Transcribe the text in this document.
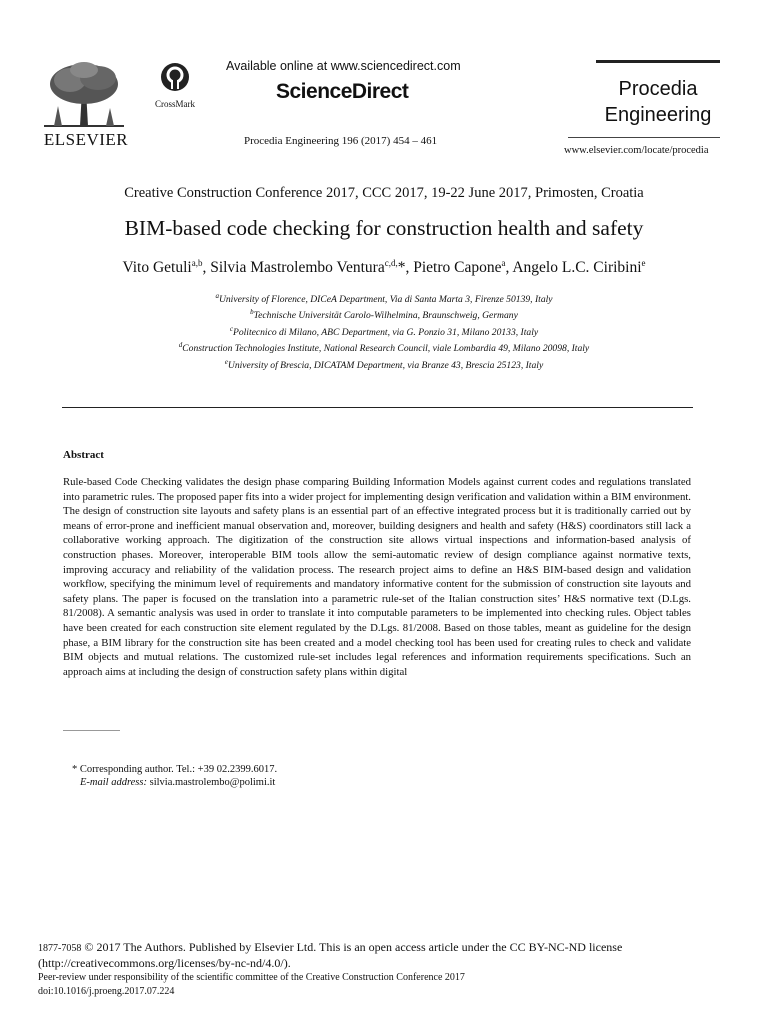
ELSEVIER
CrossMark
Available online at www.sciencedirect.com
ScienceDirect
Procedia Engineering 196 (2017) 454 – 461
Procedia
Engineering
www.elsevier.com/locate/procedia
Creative Construction Conference 2017, CCC 2017, 19-22 June 2017, Primosten, Croatia
BIM-based code checking for construction health and safety
Vito Getuli$^{a,b}$, Silvia Mastrolembo Ventura$^{c,d,}$*, Pietro Capone$^a$, Angelo L.C. Ciribini$^e$
$^a$University of Florence, DICeA Department, Via di Santa Marta 3, Firenze 50139, Italy
$^b$Technische Universität Carolo-Wilhelmina, Braunschweig, Germany
$^c$Politecnico di Milano, ABC Department, via G. Ponzio 31, Milano 20133, Italy
$^d$Construction Technologies Institute, National Research Council, viale Lombardia 49, Milano 20098, Italy
$^e$University of Brescia, DICATAM Department, via Branze 43, Brescia 25123, Italy
Abstract
Rule-based Code Checking validates the design phase comparing Building Information Models against current codes and regulations translated into parametric rules. The proposed paper fits into a wider project for implementing design verification and validation within a BIM environment. The design of construction site layouts and safety plans is an essential part of an effective integrated process but it is traditionally carried out by means of error-prone and inefficient manual observation and, moreover, building designers and health and safety (H&S) coordinators still lack a collaborative working approach. The digitization of the construction site allows virtual inspections and information-based analysis of construction phases. Moreover, interoperable BIM tools allow the semi-automatic review of design compliance against normative texts, improving accuracy and reliability of the validation process. The research project aims to define an H&S BIM-based design and validation workflow, specifying the minimum level of requirements and mandatory informative content for the submission of construction site layouts and safety plans. The paper is focused on the translation into a parametric rule-set of the Italian construction sites’ H&S normative text (D.Lgs. 81/2008). A semantic analysis was used in order to translate it into computable parameters to be implemented into checking rules. Object tables have been created for each construction site element regulated by the D.Lgs. 81/2008. Based on those tables, meant as guideline for the design phase, a BIM library for the construction site has been created and a model checking tool has been used for creating rules to check and validate BIM objects and mutual relations. The customized rule-set includes legal references and information requirements specifications. Such an approach aims at including the design of construction safety plans within digital
* Corresponding author. Tel.: +39 02.2399.6017.
E-mail address: silvia.mastrolembo@polimi.it
1877-7058 © 2017 The Authors. Published by Elsevier Ltd. This is an open access article under the CC BY-NC-ND license
(http://creativecommons.org/licenses/by-nc-nd/4.0/).
Peer-review under responsibility of the scientific committee of the Creative Construction Conference 2017
doi:10.1016/j.proeng.2017.07.224
